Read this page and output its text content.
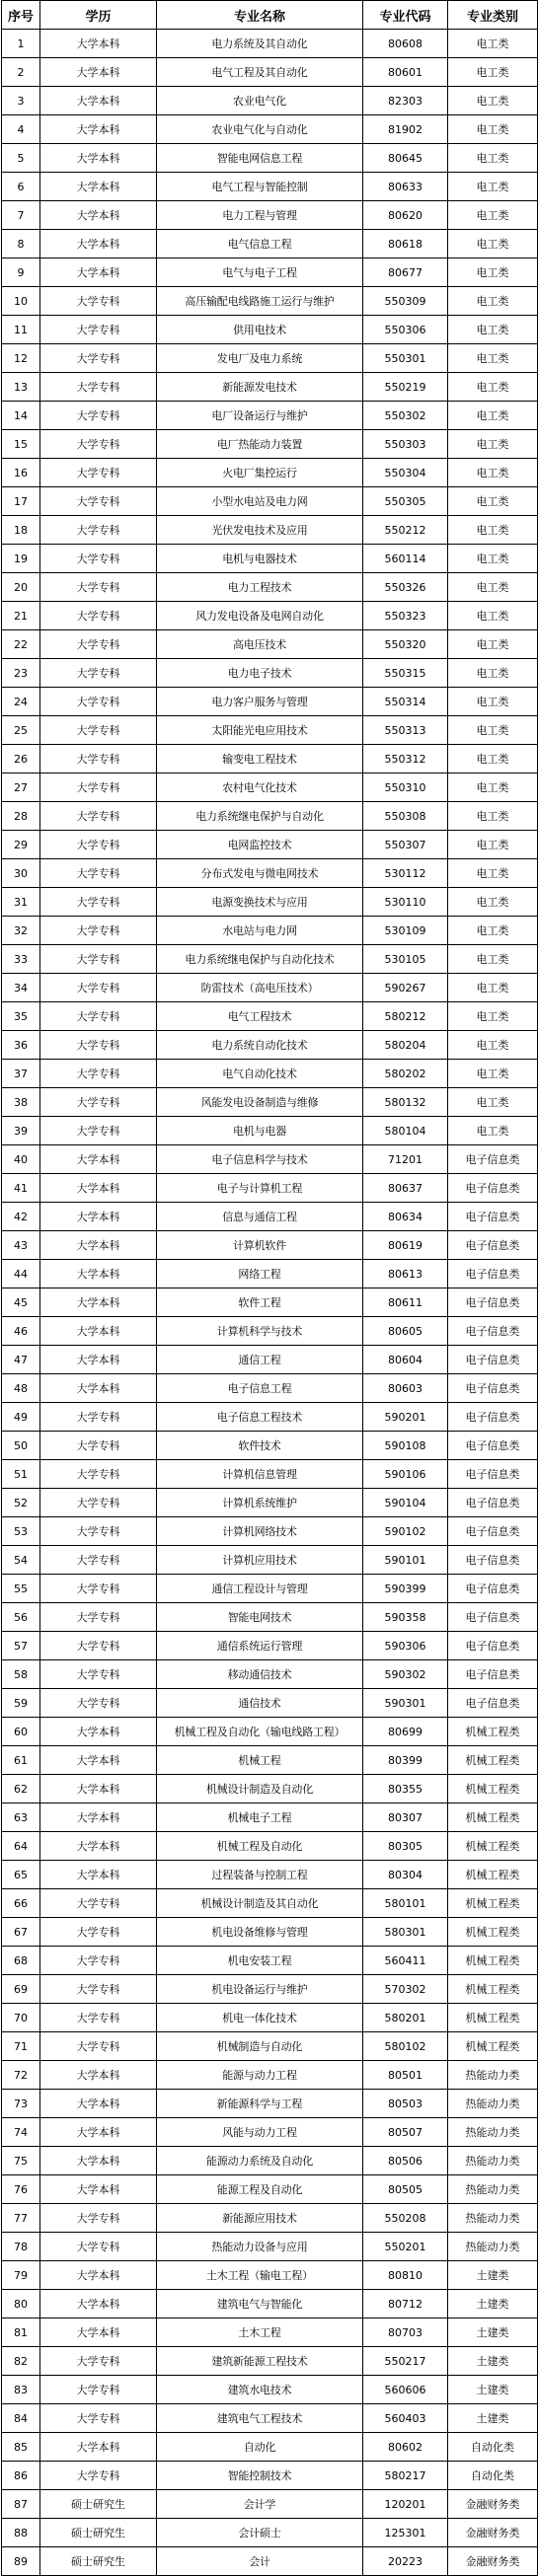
序号	学历	专业名称	专业代码	专业类别
1	大学本科	电力系统及其自动化	80608	电工类
2	大学本科	电气工程及其自动化	80601	电工类
3	大学本科	农业电气化	82303	电工类
4	大学本科	农业电气化与自动化	81902	电工类
5	大学本科	智能电网信息工程	80645	电工类
6	大学本科	电气工程与智能控制	80633	电工类
7	大学本科	电力工程与管理	80620	电工类
8	大学本科	电气信息工程	80618	电工类
9	大学本科	电气与电子工程	80677	电工类
10	大学专科	高压输配电线路施工运行与维护	550309	电工类
11	大学专科	供用电技术	550306	电工类
12	大学专科	发电厂及电力系统	550301	电工类
13	大学专科	新能源发电技术	550219	电工类
14	大学专科	电厂设备运行与维护	550302	电工类
15	大学专科	电厂热能动力装置	550303	电工类
16	大学专科	火电厂集控运行	550304	电工类
17	大学专科	小型水电站及电力网	550305	电工类
18	大学专科	光伏发电技术及应用	550212	电工类
19	大学专科	电机与电器技术	560114	电工类
20	大学专科	电力工程技术	550326	电工类
21	大学专科	风力发电设备及电网自动化	550323	电工类
22	大学专科	高电压技术	550320	电工类
23	大学专科	电力电子技术	550315	电工类
24	大学专科	电力客户服务与管理	550314	电工类
25	大学专科	太阳能光电应用技术	550313	电工类
26	大学专科	输变电工程技术	550312	电工类
27	大学专科	农村电气化技术	550310	电工类
28	大学专科	电力系统继电保护与自动化	550308	电工类
29	大学专科	电网监控技术	550307	电工类
30	大学专科	分布式发电与微电网技术	530112	电工类
31	大学专科	电源变换技术与应用	530110	电工类
32	大学专科	水电站与电力网	530109	电工类
33	大学专科	电力系统继电保护与自动化技术	530105	电工类
34	大学专科	防雷技术（高电压技术）	590267	电工类
35	大学专科	电气工程技术	580212	电工类
36	大学专科	电力系统自动化技术	580204	电工类
37	大学专科	电气自动化技术	580202	电工类
38	大学专科	风能发电设备制造与维修	580132	电工类
39	大学专科	电机与电器	580104	电工类
40	大学本科	电子信息科学与技术	71201	电子信息类
41	大学本科	电子与计算机工程	80637	电子信息类
42	大学本科	信息与通信工程	80634	电子信息类
43	大学本科	计算机软件	80619	电子信息类
44	大学本科	网络工程	80613	电子信息类
45	大学本科	软件工程	80611	电子信息类
46	大学本科	计算机科学与技术	80605	电子信息类
47	大学本科	通信工程	80604	电子信息类
48	大学本科	电子信息工程	80603	电子信息类
49	大学专科	电子信息工程技术	590201	电子信息类
50	大学专科	软件技术	590108	电子信息类
51	大学专科	计算机信息管理	590106	电子信息类
52	大学专科	计算机系统维护	590104	电子信息类
53	大学专科	计算机网络技术	590102	电子信息类
54	大学专科	计算机应用技术	590101	电子信息类
55	大学专科	通信工程设计与管理	590399	电子信息类
56	大学专科	智能电网技术	590358	电子信息类
57	大学专科	通信系统运行管理	590306	电子信息类
58	大学专科	移动通信技术	590302	电子信息类
59	大学专科	通信技术	590301	电子信息类
60	大学本科	机械工程及自动化（输电线路工程）	80699	机械工程类
61	大学本科	机械工程	80399	机械工程类
62	大学本科	机械设计制造及自动化	80355	机械工程类
63	大学本科	机械电子工程	80307	机械工程类
64	大学本科	机械工程及自动化	80305	机械工程类
65	大学本科	过程装备与控制工程	80304	机械工程类
66	大学专科	机械设计制造及其自动化	580101	机械工程类
67	大学专科	机电设备维修与管理	580301	机械工程类
68	大学专科	机电安装工程	560411	机械工程类
69	大学专科	机电设备运行与维护	570302	机械工程类
70	大学专科	机电一体化技术	580201	机械工程类
71	大学专科	机械制造与自动化	580102	机械工程类
72	大学本科	能源与动力工程	80501	热能动力类
73	大学本科	新能源科学与工程	80503	热能动力类
74	大学本科	风能与动力工程	80507	热能动力类
75	大学本科	能源动力系统及自动化	80506	热能动力类
76	大学本科	能源工程及自动化	80505	热能动力类
77	大学专科	新能源应用技术	550208	热能动力类
78	大学专科	热能动力设备与应用	550201	热能动力类
79	大学本科	土木工程（输电工程）	80810	土建类
80	大学本科	建筑电气与智能化	80712	土建类
81	大学本科	土木工程	80703	土建类
82	大学专科	建筑新能源工程技术	550217	土建类
83	大学专科	建筑水电技术	560606	土建类
84	大学专科	建筑电气工程技术	560403	土建类
85	大学本科	自动化	80602	自动化类
86	大学专科	智能控制技术	580217	自动化类
87	硕士研究生	会计学	120201	金融财务类
88	硕士研究生	会计硕士	125301	金融财务类
89	硕士研究生	会计	20223	金融财务类
